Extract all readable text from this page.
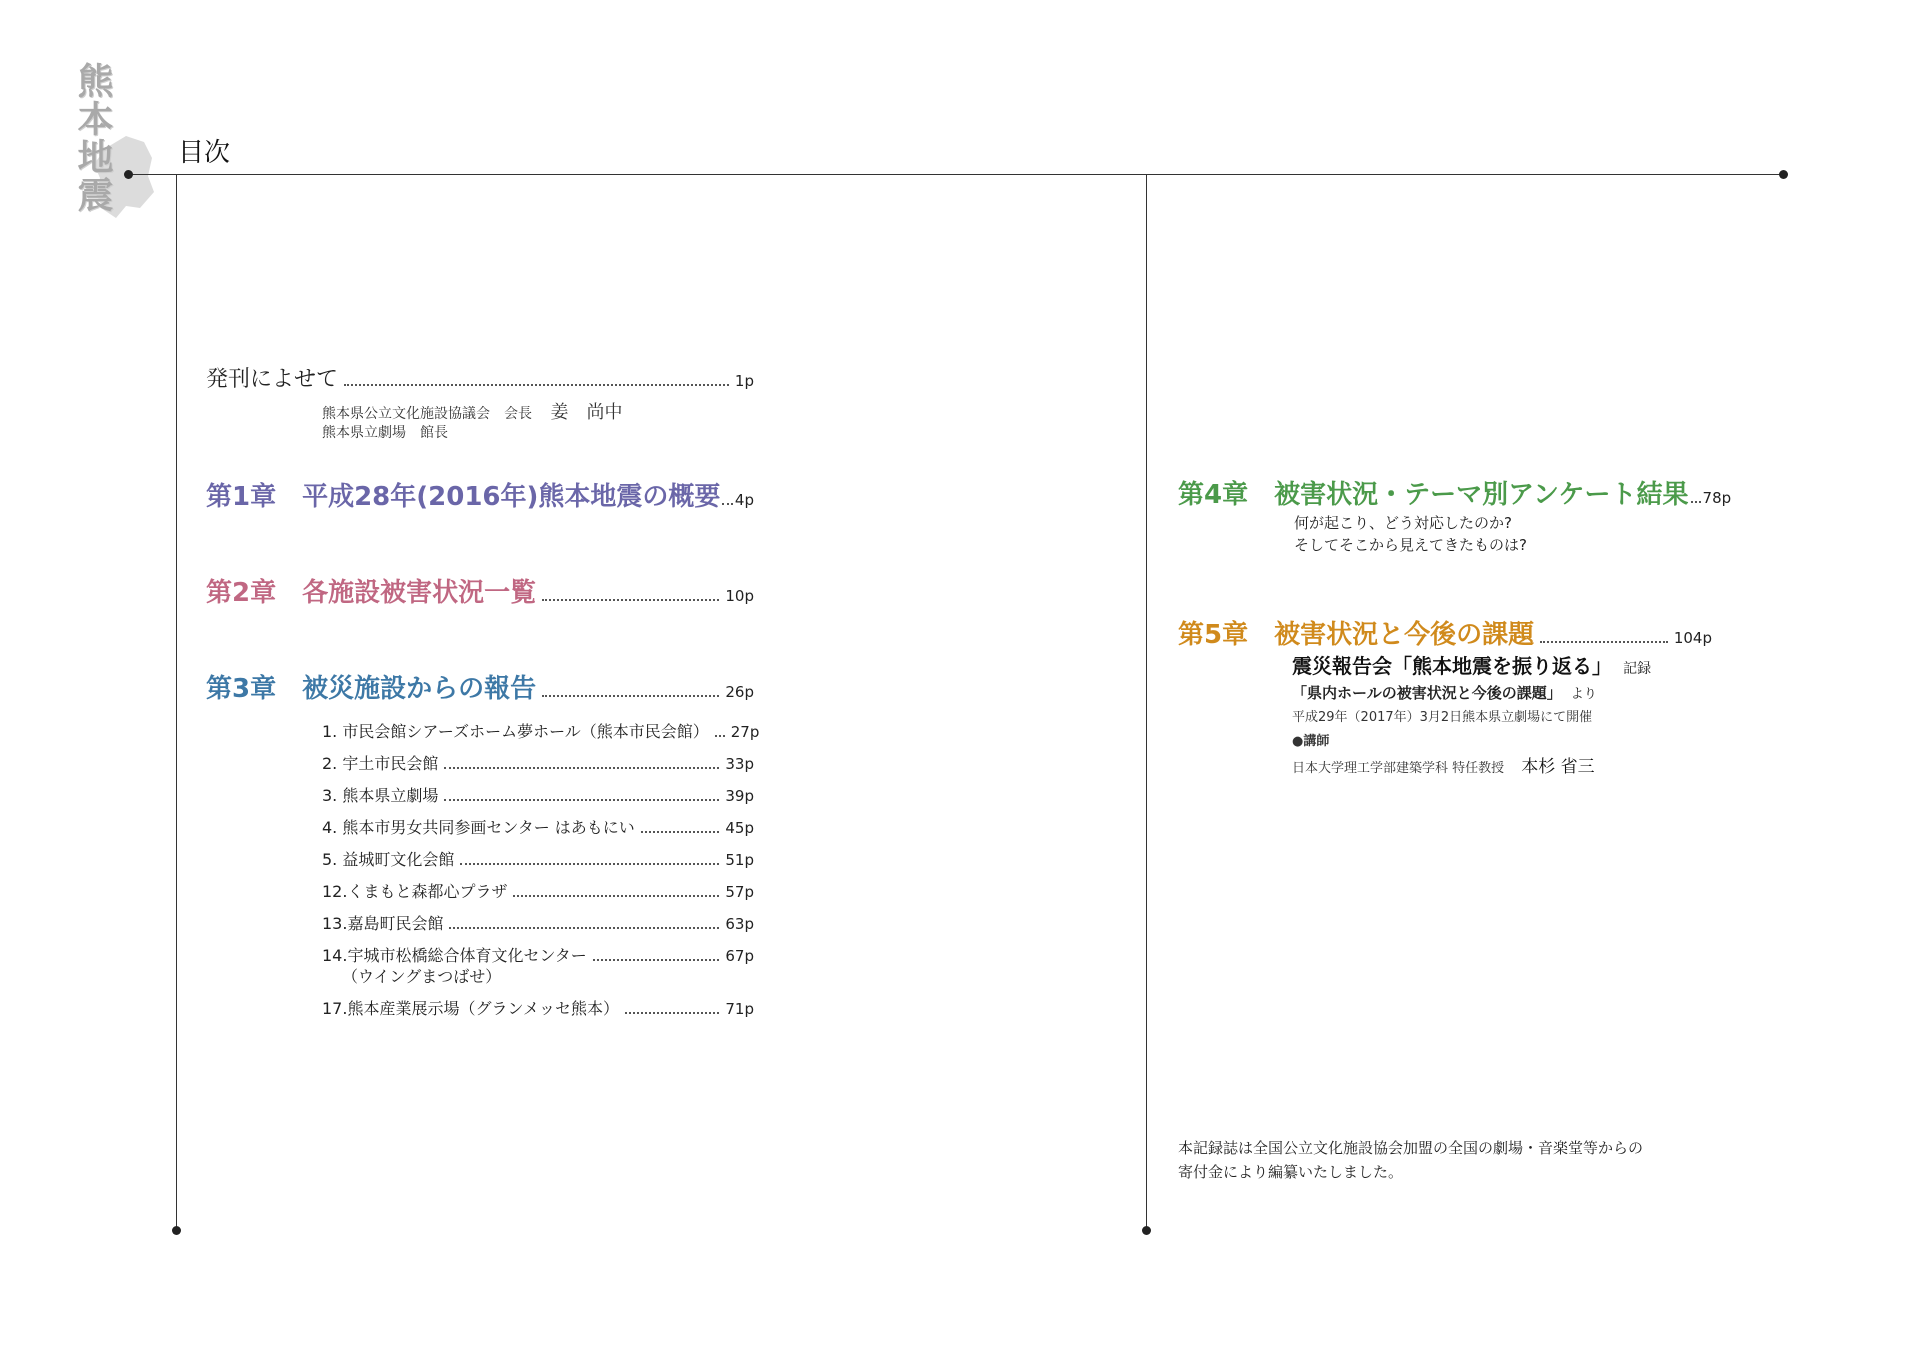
熊本地震	目次
発刊によせて	1p
熊本県公立文化施設協議会　会長 姜　尚中
熊本県立劇場　館長
第1章 平成28年(2016年)熊本地震の概要 4p
第2章 各施設被害状況一覧	10p
第3章 被災施設からの報告	26p
1. 市民会館シアーズホーム夢ホール（熊本市民会館） 27p
2. 宇土市民会館	33p
3. 熊本県立劇場	39p
4. 熊本市男女共同参画センター はあもにい	45p
5. 益城町文化会館	51p
12.くまもと森都心プラザ	57p
13.嘉島町民会館	63p
14.宇城市松橋総合体育文化センター	67p
（ウイングまつばせ）
17.熊本産業展示場（グランメッセ熊本）	71p
第4章 被害状況・テーマ別アンケート結果 78p
何が起こり、どう対応したのか?
そしてそこから見えてきたものは?
第5章 被害状況と今後の課題	104p
震災報告会「熊本地震を振り返る」 記録
「県内ホールの被害状況と今後の課題」 より
平成29年（2017年）3月2日熊本県立劇場にて開催
●講師
日本大学理工学部建築学科 特任教授 本杉 省三
本記録誌は全国公立文化施設協会加盟の全国の劇場・音楽堂等からの
寄付金により編纂いたしました。
